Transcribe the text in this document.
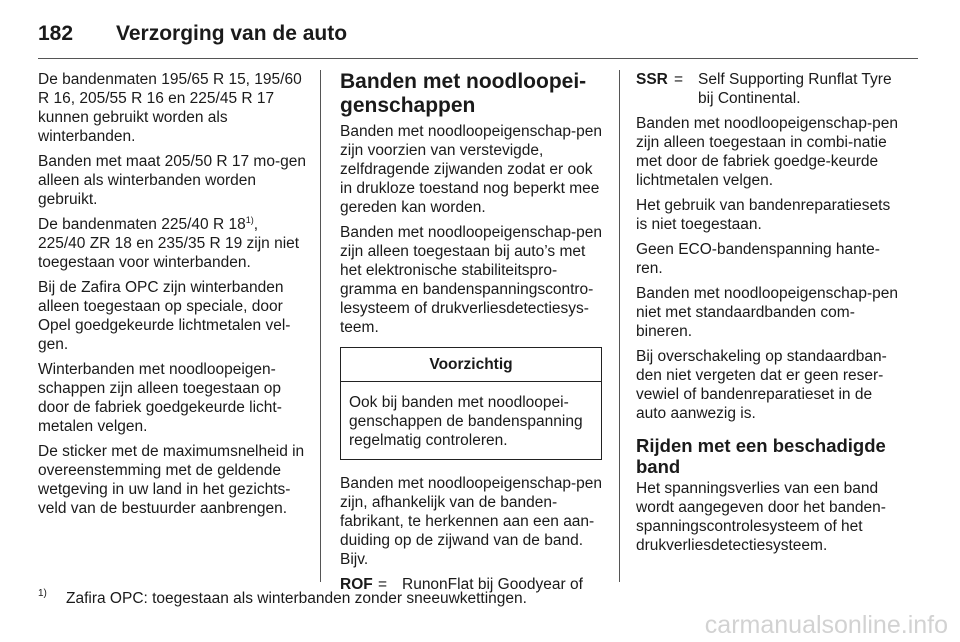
182	Verzorging van de auto

De bandenmaten 195/65 R 15, 195/60 R 16, 205/55 R 16 en 225/45 R 17 kunnen gebruikt worden als winterbanden.

Banden met maat 205/50 R 17 mo-gen alleen als winterbanden worden gebruikt.

De bandenmaten 225/40 R 18$^{1)}$, 225/40 ZR 18 en 235/35 R 19 zijn niet toegestaan voor winterbanden.

Bij de Zafira OPC zijn winterbanden alleen toegestaan op speciale, door Opel goedgekeurde lichtmetalen vel-gen.

Winterbanden met noodloopeigen-schappen zijn alleen toegestaan op door de fabriek goedgekeurde licht-metalen velgen.

De sticker met de maximumsnelheid in overeenstemming met de geldende wetgeving in uw land in het gezichts-veld van de bestuurder aanbrengen.

Banden met noodloopei-genschappen

Banden met noodloopeigenschap-pen zijn voorzien van verstevigde, zelfdragende zijwanden zodat er ook in drukloze toestand nog beperkt mee gereden kan worden.

Banden met noodloopeigenschap-pen zijn alleen toegestaan bij auto’s met het elektronische stabiliteitspro-gramma en bandenspanningscontro-lesysteem of drukverliesdetectiesys-teem.

Voorzichtig
Ook bij banden met noodloopei-genschappen de bandenspanning regelmatig controleren.

Banden met noodloopeigenschap-pen zijn, afhankelijk van de banden-fabrikant, te herkennen aan een aan-duiding op de zijwand van de band. Bijv.

ROF = RunonFlat bij Goodyear of
SSR = Self Supporting Runflat Tyre bij Continental.

Banden met noodloopeigenschap-pen zijn alleen toegestaan in combi-natie met door de fabriek goedge-keurde lichtmetalen velgen.

Het gebruik van bandenreparatiesets is niet toegestaan.

Geen ECO-bandenspanning hante-ren.

Banden met noodloopeigenschap-pen niet met standaardbanden com-bineren.

Bij overschakeling op standaardban-den niet vergeten dat er geen reser-vewiel of bandenreparatieset in de auto aanwezig is.

Rijden met een beschadigde band

Het spanningsverlies van een band wordt aangegeven door het banden-spanningscontrolesysteem of het drukverliesdetectiesysteem.

1)	Zafira OPC: toegestaan als winterbanden zonder sneeuwkettingen.
carmanualsonline.info
